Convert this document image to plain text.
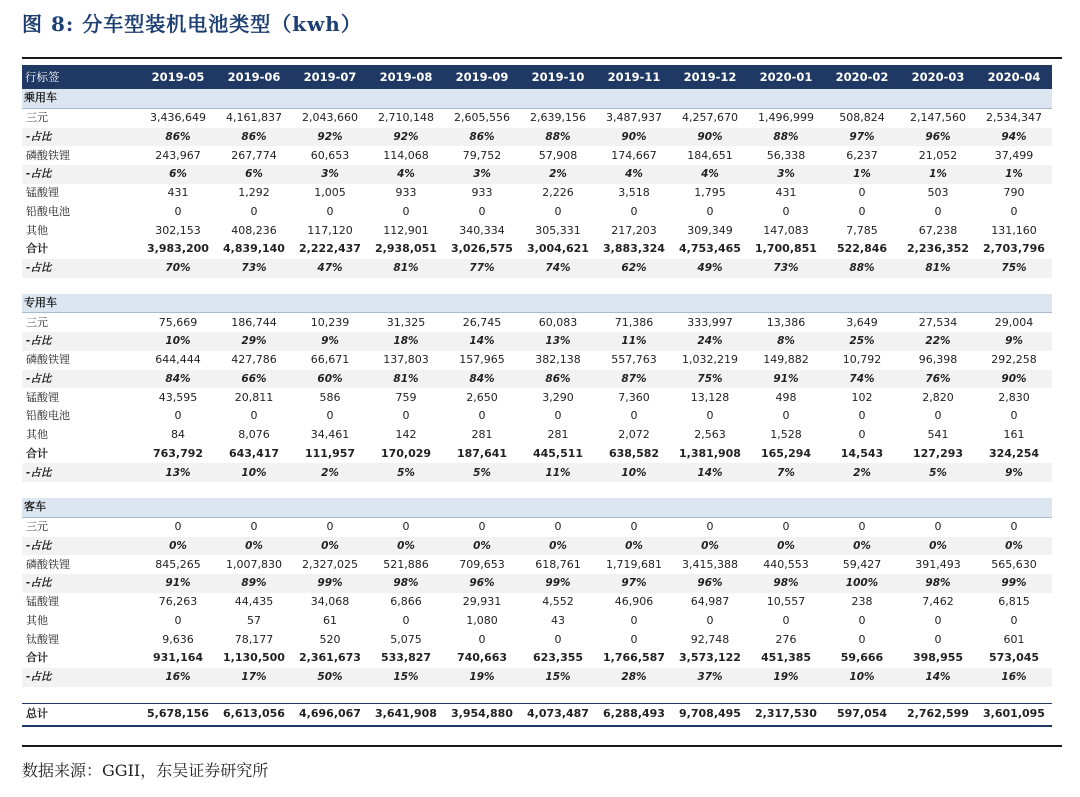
图 8: 分车型装机电池类型（kwh）
行标签	2019-05	2019-06	2019-07	2019-08	2019-09	2019-10	2019-11	2019-12	2020-01	2020-02	2020-03	2020-04
乘用车												
三元	3,436,649	4,161,837	2,043,660	2,710,148	2,605,556	2,639,156	3,487,937	4,257,670	1,496,999	508,824	2,147,560	2,534,347
-占比	86%	86%	92%	92%	86%	88%	90%	90%	88%	97%	96%	94%
磷酸铁锂	243,967	267,774	60,653	114,068	79,752	57,908	174,667	184,651	56,338	6,237	21,052	37,499
-占比	6%	6%	3%	4%	3%	2%	4%	4%	3%	1%	1%	1%
锰酸锂	431	1,292	1,005	933	933	2,226	3,518	1,795	431	0	503	790
铅酸电池	0	0	0	0	0	0	0	0	0	0	0	0
其他	302,153	408,236	117,120	112,901	340,334	305,331	217,203	309,349	147,083	7,785	67,238	131,160
合计	3,983,200	4,839,140	2,222,437	2,938,051	3,026,575	3,004,621	3,883,324	4,753,465	1,700,851	522,846	2,236,352	2,703,796
-占比	70%	73%	47%	81%	77%	74%	62%	49%	73%	88%	81%	75%

专用车												
三元	75,669	186,744	10,239	31,325	26,745	60,083	71,386	333,997	13,386	3,649	27,534	29,004
-占比	10%	29%	9%	18%	14%	13%	11%	24%	8%	25%	22%	9%
磷酸铁锂	644,444	427,786	66,671	137,803	157,965	382,138	557,763	1,032,219	149,882	10,792	96,398	292,258
-占比	84%	66%	60%	81%	84%	86%	87%	75%	91%	74%	76%	90%
锰酸锂	43,595	20,811	586	759	2,650	3,290	7,360	13,128	498	102	2,820	2,830
铅酸电池	0	0	0	0	0	0	0	0	0	0	0	0
其他	84	8,076	34,461	142	281	281	2,072	2,563	1,528	0	541	161
合计	763,792	643,417	111,957	170,029	187,641	445,511	638,582	1,381,908	165,294	14,543	127,293	324,254
-占比	13%	10%	2%	5%	5%	11%	10%	14%	7%	2%	5%	9%

客车												
三元	0	0	0	0	0	0	0	0	0	0	0	0
-占比	0%	0%	0%	0%	0%	0%	0%	0%	0%	0%	0%	0%
磷酸铁锂	845,265	1,007,830	2,327,025	521,886	709,653	618,761	1,719,681	3,415,388	440,553	59,427	391,493	565,630
-占比	91%	89%	99%	98%	96%	99%	97%	96%	98%	100%	98%	99%
锰酸锂	76,263	44,435	34,068	6,866	29,931	4,552	46,906	64,987	10,557	238	7,462	6,815
其他	0	57	61	0	1,080	43	0	0	0	0	0	0
钛酸锂	9,636	78,177	520	5,075	0	0	0	92,748	276	0	0	601
合计	931,164	1,130,500	2,361,673	533,827	740,663	623,355	1,766,587	3,573,122	451,385	59,666	398,955	573,045
-占比	16%	17%	50%	15%	19%	15%	28%	37%	19%	10%	14%	16%

总计	5,678,156	6,613,056	4,696,067	3,641,908	3,954,880	4,073,487	6,288,493	9,708,495	2,317,530	597,054	2,762,599	3,601,095
数据来源：GGII，东吴证券研究所
